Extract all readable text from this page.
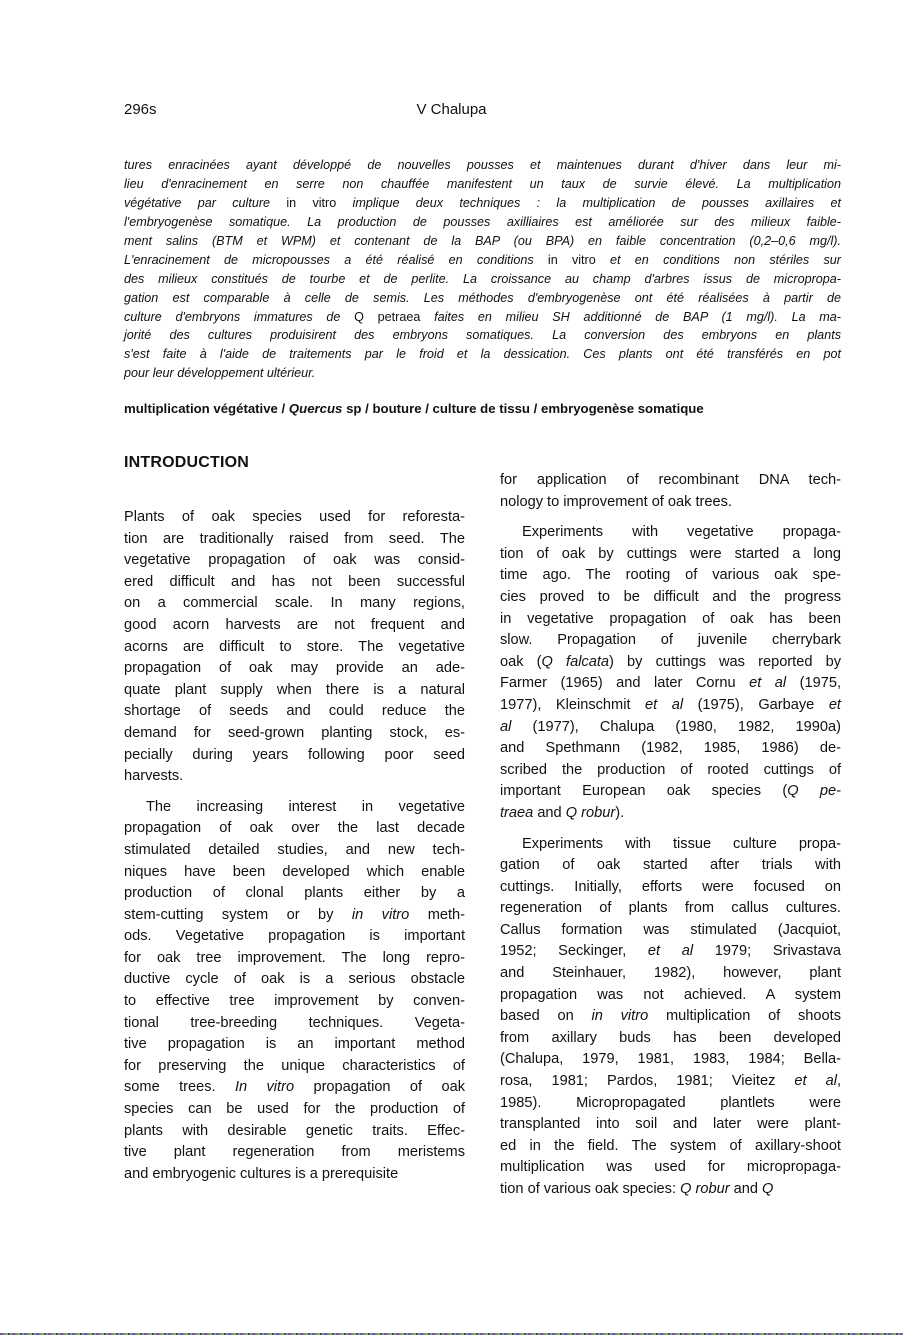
296s	V Chalupa
tures enracinées ayant développé de nouvelles pousses et maintenues durant d'hiver dans leur mi-
lieu d'enracinement en serre non chauffée manifestent un taux de survie élevé. La multiplication
végétative par culture in vitro implique deux techniques : la multiplication de pousses axillaires et
l'embryogenèse somatique. La production de pousses axilliaires est améliorée sur des milieux faible-
ment salins (BTM et WPM) et contenant de la BAP (ou BPA) en faible concentration (0,2–0,6 mg/l).
L'enracinement de micropousses a été réalisé en conditions in vitro et en conditions non stériles sur
des milieux constitués de tourbe et de perlite. La croissance au champ d'arbres issus de micropropa-
gation est comparable à celle de semis. Les méthodes d'embryogenèse ont été réalisées à partir de
culture d'embryons immatures de Q petraea faites en milieu SH additionné de BAP (1 mg/l). La ma-
jorité des cultures produisirent des embryons somatiques. La conversion des embryons en plants
s'est faite à l'aide de traitements par le froid et la dessication. Ces plants ont été transférés en pot
pour leur développement ultérieur.
multiplication végétative / Quercus sp / bouture / culture de tissu / embryogenèse somatique
INTRODUCTION
Plants of oak species used for reforesta-
tion are traditionally raised from seed. The
vegetative propagation of oak was consid-
ered difficult and has not been successful
on a commercial scale. In many regions,
good acorn harvests are not frequent and
acorns are difficult to store. The vegetative
propagation of oak may provide an ade-
quate plant supply when there is a natural
shortage of seeds and could reduce the
demand for seed-grown planting stock, es-
pecially during years following poor seed
harvests.
The increasing interest in vegetative
propagation of oak over the last decade
stimulated detailed studies, and new tech-
niques have been developed which enable
production of clonal plants either by a
stem-cutting system or by in vitro meth-
ods. Vegetative propagation is important
for oak tree improvement. The long repro-
ductive cycle of oak is a serious obstacle
to effective tree improvement by conven-
tional tree-breeding techniques. Vegeta-
tive propagation is an important method
for preserving the unique characteristics of
some trees. In vitro propagation of oak
species can be used for the production of
plants with desirable genetic traits. Effec-
tive plant regeneration from meristems
and embryogenic cultures is a prerequisite
for application of recombinant DNA tech-
nology to improvement of oak trees.
Experiments with vegetative propaga-
tion of oak by cuttings were started a long
time ago. The rooting of various oak spe-
cies proved to be difficult and the progress
in vegetative propagation of oak has been
slow. Propagation of juvenile cherrybark
oak (Q falcata) by cuttings was reported by
Farmer (1965) and later Cornu et al (1975,
1977), Kleinschmit et al (1975), Garbaye et
al (1977), Chalupa (1980, 1982, 1990a)
and Spethmann (1982, 1985, 1986) de-
scribed the production of rooted cuttings of
important European oak species (Q pe-
traea and Q robur).
Experiments with tissue culture propa-
gation of oak started after trials with
cuttings. Initially, efforts were focused on
regeneration of plants from callus cultures.
Callus formation was stimulated (Jacquiot,
1952; Seckinger, et al 1979; Srivastava
and Steinhauer, 1982), however, plant
propagation was not achieved. A system
based on in vitro multiplication of shoots
from axillary buds has been developed
(Chalupa, 1979, 1981, 1983, 1984; Bella-
rosa, 1981; Pardos, 1981; Vieitez et al,
1985). Micropropagated plantlets were
transplanted into soil and later were plant-
ed in the field. The system of axillary-shoot
multiplication was used for micropropaga-
tion of various oak species: Q robur and Q
